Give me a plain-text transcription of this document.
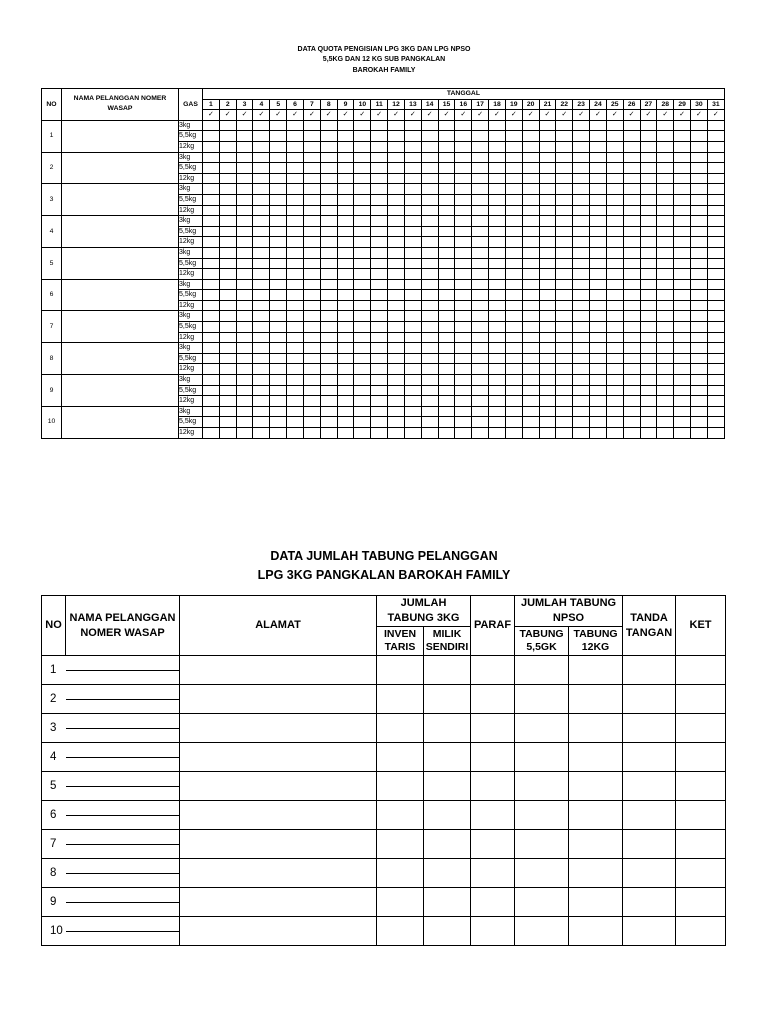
DATA QUOTA PENGISIAN LPG 3KG DAN LPG NPSO
5,5KG DAN 12 KG SUB PANGKALAN
BAROKAH FAMILY
NO	NAMA PELANGGAN NOMER WASAP	GAS	TANGGAL																														
			1	2	3	4	5	6	7	8	9	10	11	12	13	14	15	16	17	18	19	20	21	22	23	24	25	26	27	28	29	30	31
			✓	✓	✓	✓	✓	✓	✓	✓	✓	✓	✓	✓	✓	✓	✓	✓	✓	✓	✓	✓	✓	✓	✓	✓	✓	✓	✓	✓	✓	✓	✓
1		3kg																															
		5,5kg																															
		12kg																															
2		3kg																															
		5,5kg																															
		12kg																															
3		3kg																															
		5,5kg																															
		12kg																															
4		3kg																															
		5,5kg																															
		12kg																															
5		3kg																															
		5,5kg																															
		12kg																															
6		3kg																															
		5,5kg																															
		12kg																															
7		3kg																															
		5,5kg																															
		12kg																															
8		3kg																															
		5,5kg																															
		12kg																															
9		3kg																															
		5,5kg																															
		12kg																															
10		3kg																															
		5,5kg																															
		12kg																															
DATA JUMLAH TABUNG PELANGGAN
LPG 3KG PANGKALAN BAROKAH FAMILY
NO	NAMA PELANGGAN NOMER WASAP	ALAMAT	JUMLAH TABUNG 3KG		PARAF	JUMLAH TABUNG NPSO		TANDA TANGAN	KET
			INVEN TARIS	MILIK SENDIRI		TABUNG 5,5GK	TABUNG 12KG		
1	

2	

3	

4	

5	

6	

7	

8	

9	

10	
